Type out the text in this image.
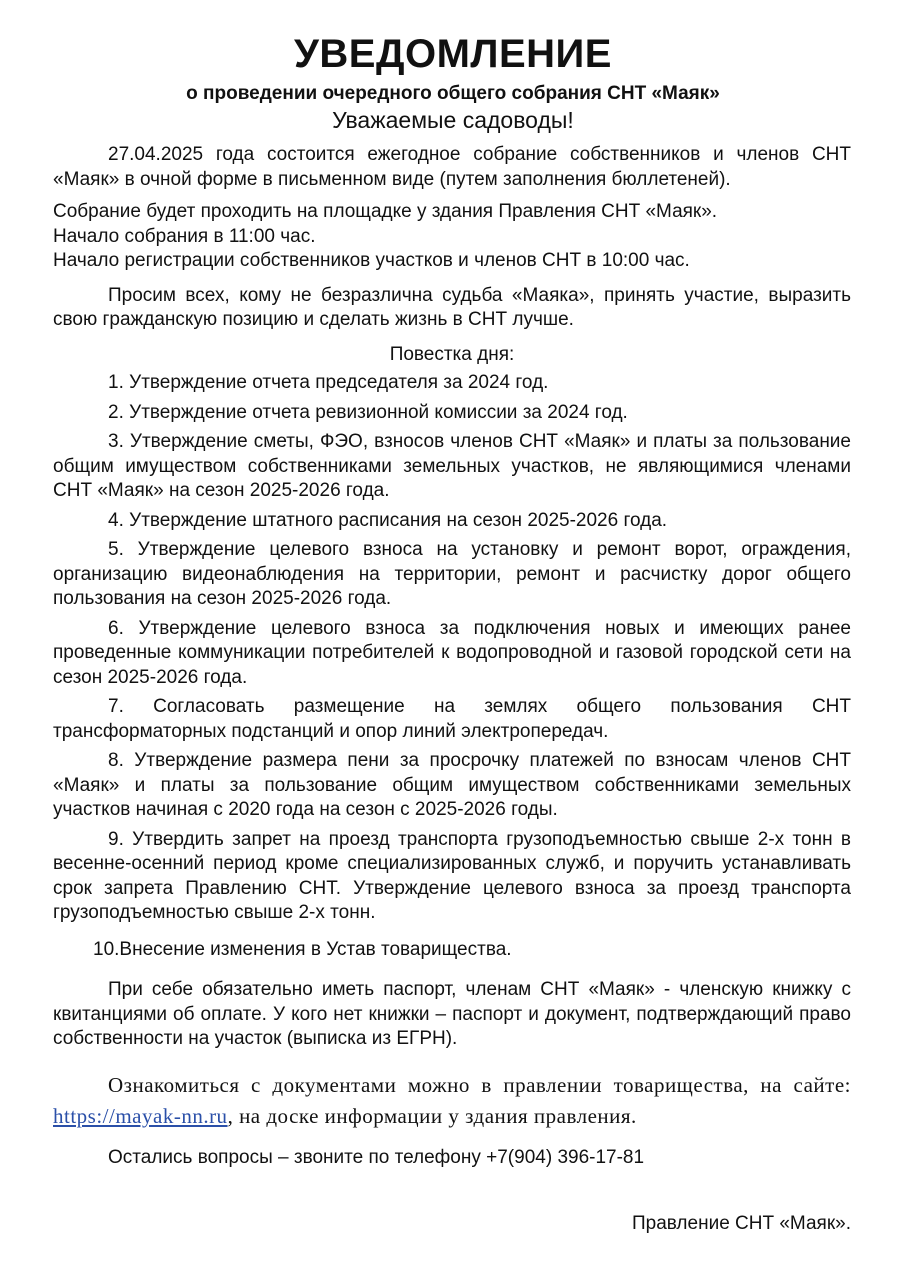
УВЕДОМЛЕНИЕ

о проведении очередного общего собрания СНТ «Маяк»

Уважаемые садоводы!

27.04.2025 года состоится ежегодное собрание собственников и членов СНТ «Маяк» в очной форме в письменном виде (путем заполнения бюллетеней).

Собрание будет проходить на площадке у здания Правления СНТ «Маяк».

Начало собрания в 11:00 час.

Начало регистрации собственников участков и членов СНТ в 10:00 час.

Просим всех, кому не безразлична судьба «Маяка», принять участие, выразить свою гражданскую позицию и сделать жизнь в СНТ лучше.

Повестка дня:

1. Утверждение отчета председателя за 2024 год.

2. Утверждение отчета ревизионной комиссии за 2024 год.

3. Утверждение сметы, ФЭО, взносов членов СНТ «Маяк» и платы за пользование общим имуществом собственниками земельных участков, не являющимися членами СНТ «Маяк» на сезон 2025-2026 года.

4. Утверждение штатного расписания на сезон 2025-2026 года.

5. Утверждение целевого взноса на установку и ремонт ворот, ограждения, организацию видеонаблюдения на территории, ремонт и расчистку дорог общего пользования на сезон 2025-2026 года.

6. Утверждение целевого взноса за подключения новых и имеющих ранее проведенные коммуникации потребителей к водопроводной и газовой городской сети на сезон 2025-2026 года.

7. Согласовать размещение на землях общего пользования СНТ трансформаторных подстанций и опор линий электропередач.

8. Утверждение размера пени за просрочку платежей по взносам членов СНТ «Маяк» и платы за пользование общим имуществом собственниками земельных участков начиная с 2020 года на сезон с 2025-2026 годы.

9. Утвердить запрет на проезд транспорта грузоподъемностью свыше 2-х тонн в весенне-осенний период кроме специализированных служб, и поручить устанавливать срок запрета Правлению СНТ. Утверждение целевого взноса за проезд транспорта грузоподъемностью свыше 2-х тонн.

10.Внесение изменения в Устав товарищества.

При себе обязательно иметь паспорт, членам СНТ «Маяк» - членскую книжку с квитанциями об оплате. У кого нет книжки – паспорт и документ, подтверждающий право собственности на участок (выписка из ЕГРН).

Ознакомиться с документами можно в правлении товарищества, на сайте: https://mayak-nn.ru, на доске информации у здания правления.

Остались вопросы – звоните по телефону +7(904) 396-17-81

Правление СНТ «Маяк».
